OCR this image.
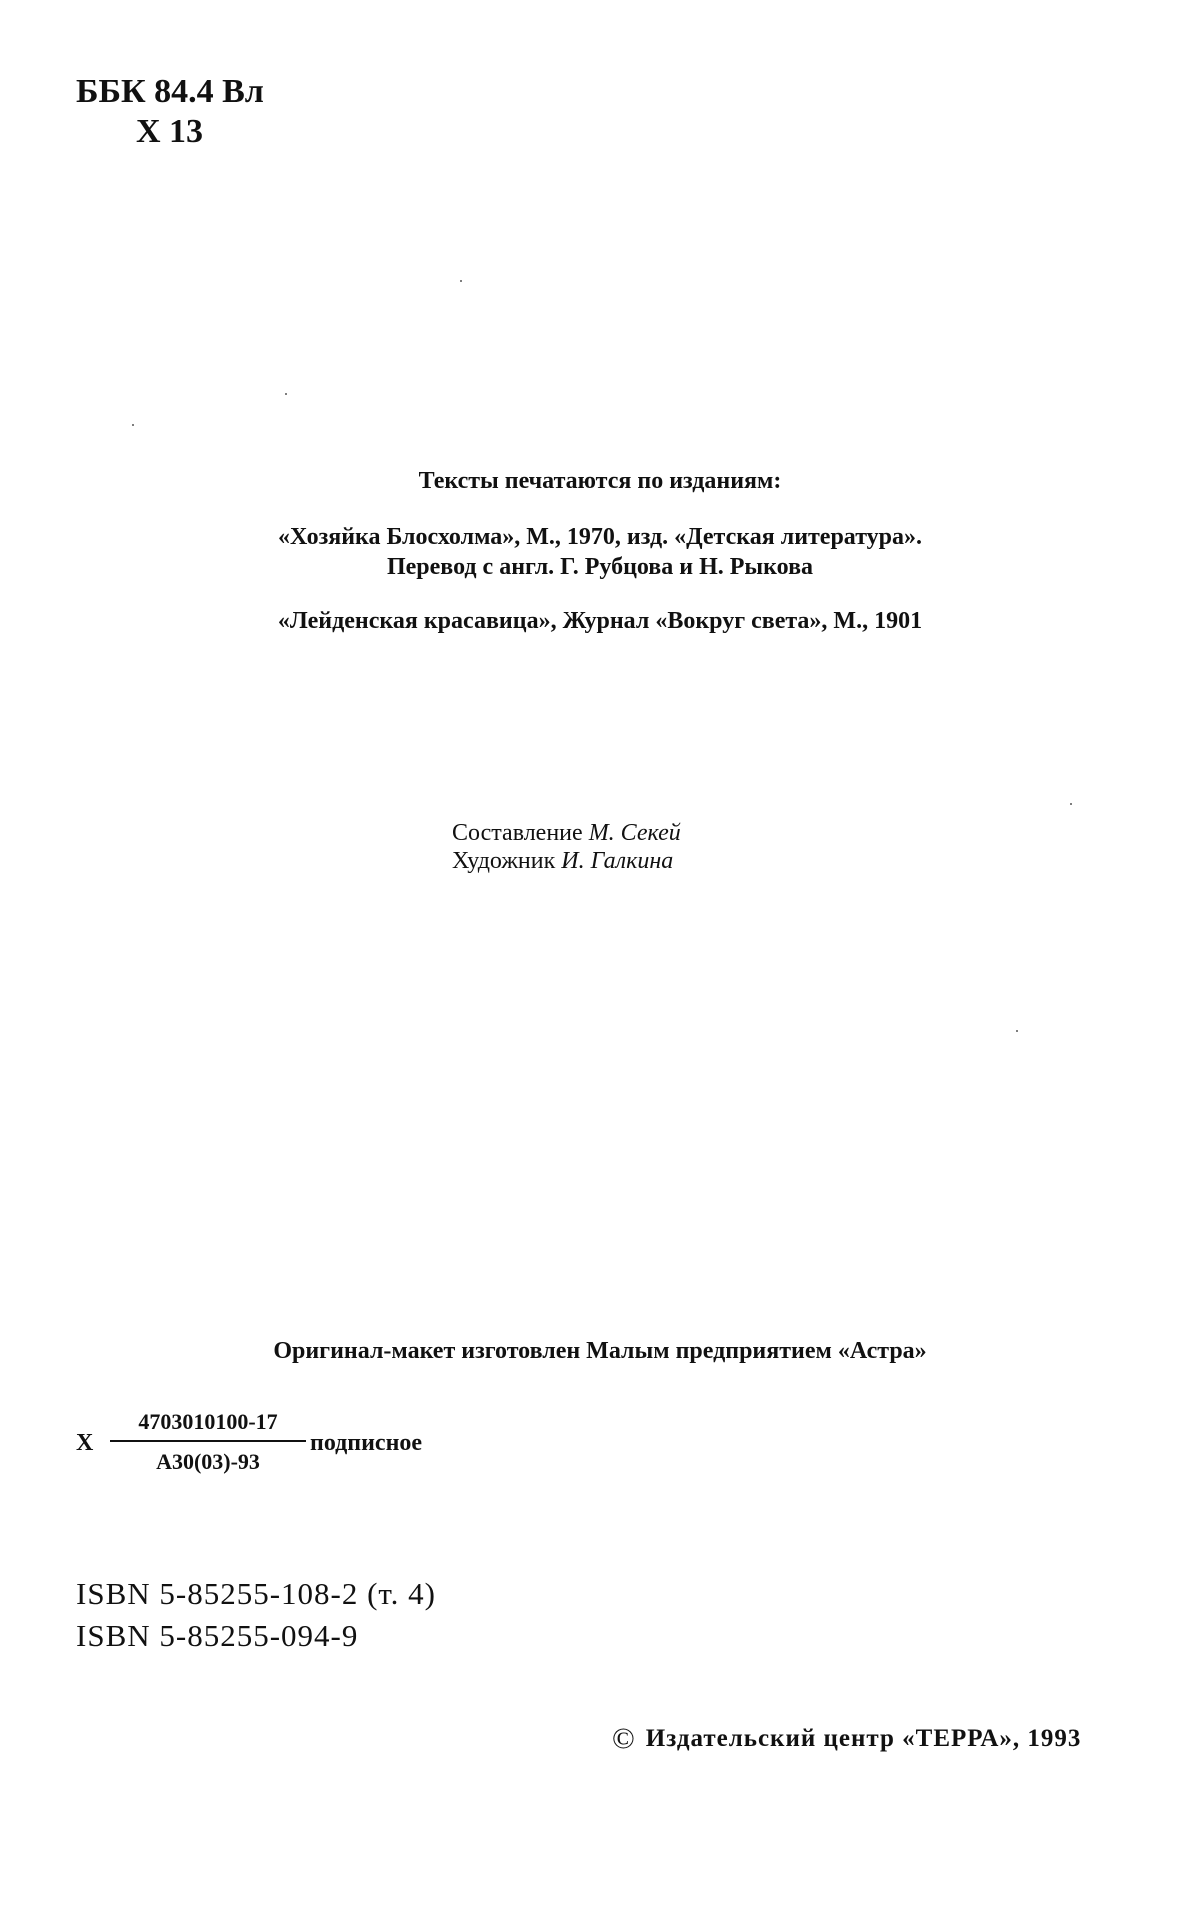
ББК 84.4 Вл
Х 13
Тексты печатаются по изданиям:
«Хозяйка Блосхолма», М., 1970, изд. «Детская литература».
Перевод с англ. Г. Рубцова и Н. Рыкова
«Лейденская красавица», Журнал «Вокруг света», М., 1901
Составление М. Секей
Художник И. Галкина
Оригинал-макет изготовлен Малым предприятием «Астра»
Х
4703010100-17
А30(03)-93
подписное
ISBN 5-85255-108-2 (т. 4)
ISBN 5-85255-094-9
© Издательский центр «ТЕРРА», 1993
